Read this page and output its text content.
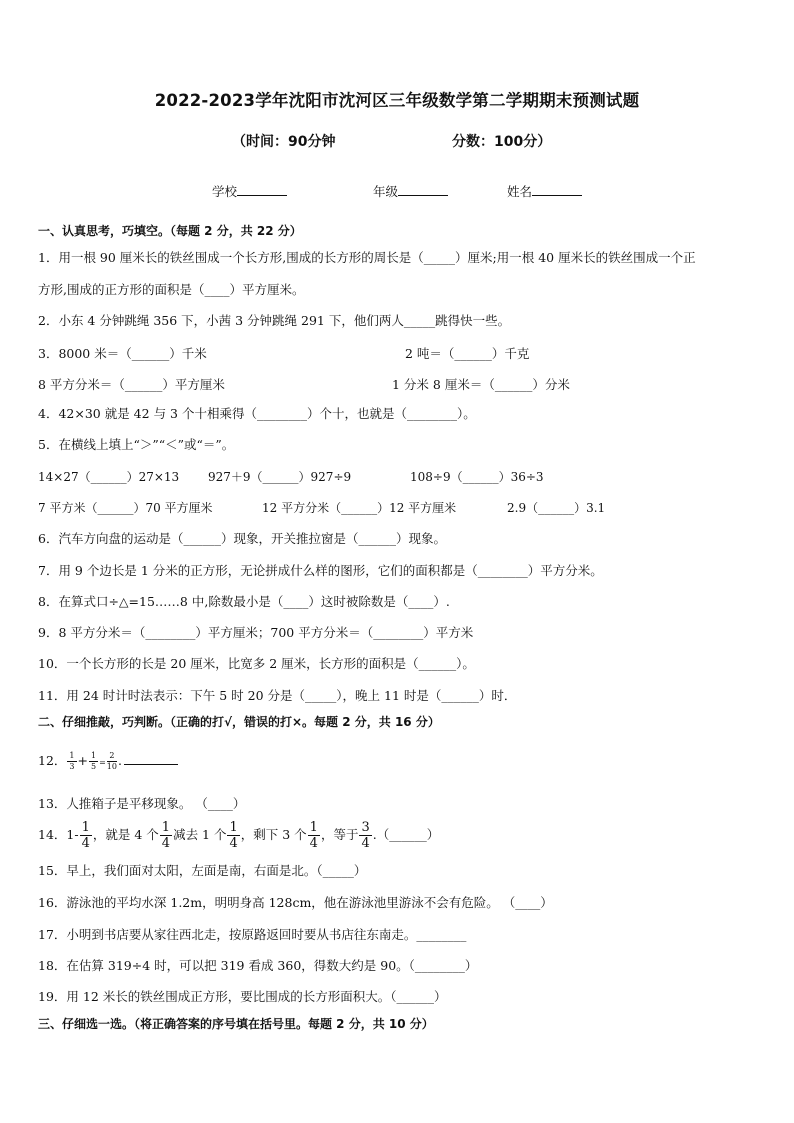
2022-2023学年沈阳市沈河区三年级数学第二学期期末预测试题
（时间：90分钟	分数：100分）
学校	年级	姓名
一、认真思考，巧填空。（每题 2 分，共 22 分）
1．用一根 90 厘米长的铁丝围成一个长方形,围成的长方形的周长是（_____）厘米;用一根 40 厘米长的铁丝围成一个正
方形,围成的正方形的面积是（____）平方厘米。
2．小东 4 分钟跳绳 356 下，小茜 3 分钟跳绳 291 下，他们两人_____跳得快一些。
3．8000 米＝（______）千米	2 吨＝（______）千克
8 平方分米＝（______）平方厘米	1 分米 8 厘米＝（______）分米
4．42×30 就是 42 与 3 个十相乘得（________）个十，也就是（________）。
5．在横线上填上“＞”“＜”或“＝”。
14×27（______）27×13 927＋9（______）927÷9	108÷9（______）36÷3
7 平方米（______）70 平方厘米	12 平方分米（______）12 平方厘米	2.9（______）3.1
6．汽车方向盘的运动是（______）现象，开关推拉窗是（______）现象。
7．用 9 个边长是 1 分米的正方形，无论拼成什么样的图形，它们的面积都是（________）平方分米。
8．在算式口÷△=15……8 中,除数最小是（____）这时被除数是（____）.
9．8 平方分米＝（________）平方厘米；700 平方分米＝（________）平方米
10．一个长方形的长是 20 厘米，比宽多 2 厘米，长方形的面积是（______）。
11．用 24 时计时法表示：下午 5 时 20 分是（_____），晚上 11 时是（______）时．
二、仔细推敲，巧判断。（正确的打√，错误的打×。每题 2 分，共 16 分）
12． $\frac{1}{3} + \frac{1}{5} = \frac{2}{10}$ .
13．人推箱子是平移现象。 （____）
14．$1- \frac{1}{4}$ ，就是 4 个 $\frac{1}{4}$ 减去 1 个 $\frac{1}{4}$ ，剩下 3 个 $\frac{1}{4}$ ，等于 $\frac{3}{4}$ .（______）
15．早上，我们面对太阳，左面是南，右面是北。（_____）
16．游泳池的平均水深 1.2m，明明身高 128cm，他在游泳池里游泳不会有危险。 （____）
17．小明到书店要从家往西北走，按原路返回时要从书店往东南走。________
18．在估算 319÷4 时，可以把 319 看成 360，得数大约是 90。（________）
19．用 12 米长的铁丝围成正方形，要比围成的长方形面积大。（______）
三、仔细选一选。（将正确答案的序号填在括号里。每题 2 分，共 10 分）
